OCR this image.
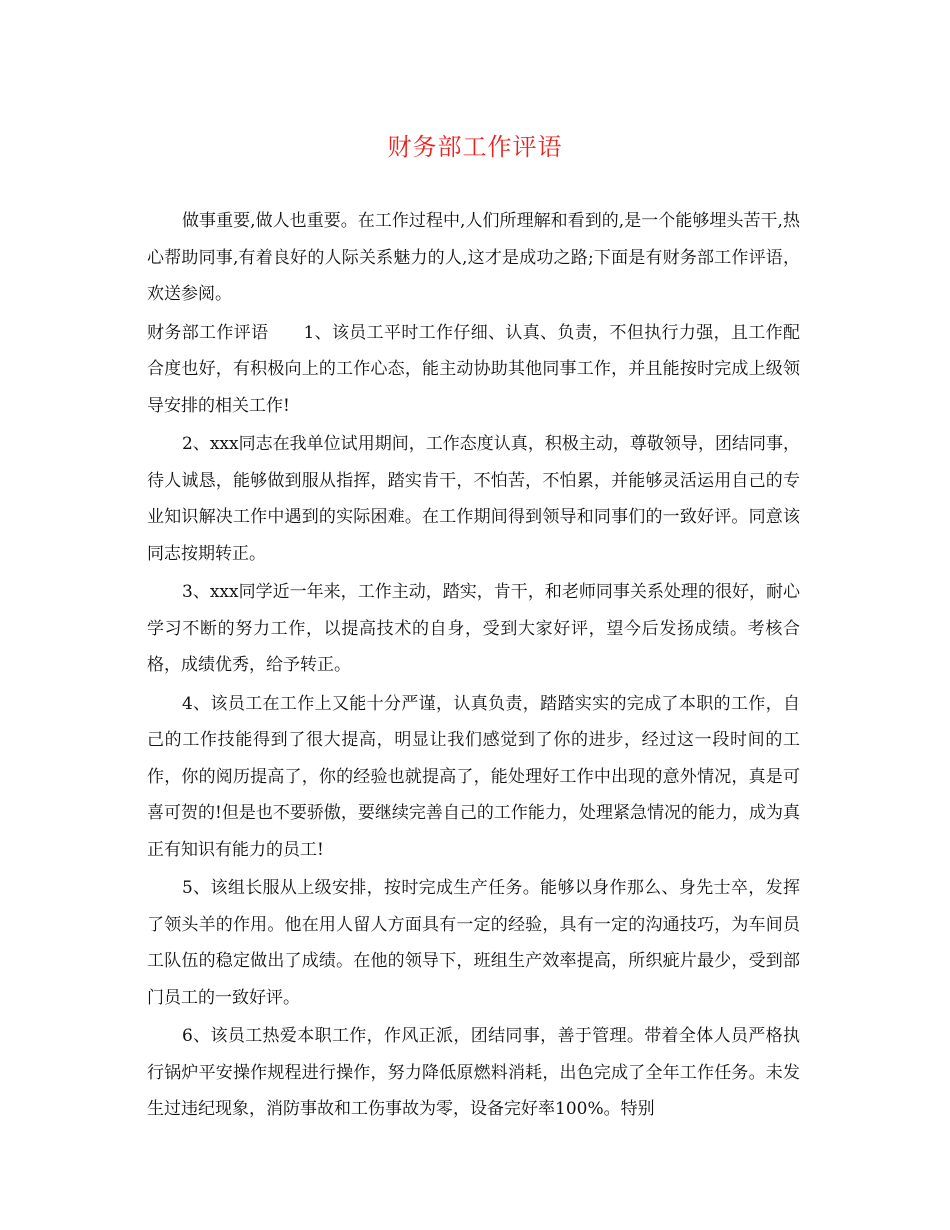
财务部工作评语

做事重要,做人也重要。在工作过程中,人们所理解和看到的,是一个能够埋头苦干,热心帮助同事,有着良好的人际关系魅力的人,这才是成功之路;下面是有财务部工作评语，欢送参阅。

财务部工作评语 1、该员工平时工作仔细、认真、负责，不但执行力强，且工作配合度也好，有积极向上的工作心态，能主动协助其他同事工作，并且能按时完成上级领导安排的相关工作!

2、xxx同志在我单位试用期间，工作态度认真，积极主动，尊敬领导，团结同事，待人诚恳，能够做到服从指挥，踏实肯干，不怕苦，不怕累，并能够灵活运用自己的专业知识解决工作中遇到的实际困难。在工作期间得到领导和同事们的一致好评。同意该同志按期转正。

3、xxx同学近一年来，工作主动，踏实，肯干，和老师同事关系处理的很好，耐心学习不断的努力工作，以提高技术的自身，受到大家好评，望今后发扬成绩。考核合格，成绩优秀，给予转正。

4、该员工在工作上又能十分严谨，认真负责，踏踏实实的完成了本职的工作，自己的工作技能得到了很大提高，明显让我们感觉到了你的进步，经过这一段时间的工作，你的阅历提高了，你的经验也就提高了，能处理好工作中出现的意外情况，真是可喜可贺的!但是也不要骄傲，要继续完善自己的工作能力，处理紧急情况的能力，成为真正有知识有能力的员工!

5、该组长服从上级安排，按时完成生产任务。能够以身作那么、身先士卒，发挥了领头羊的作用。他在用人留人方面具有一定的经验，具有一定的沟通技巧，为车间员工队伍的稳定做出了成绩。在他的领导下，班组生产效率提高，所织疵片最少，受到部门员工的一致好评。

6、该员工热爱本职工作，作风正派，团结同事，善于管理。带着全体人员严格执行锅炉平安操作规程进行操作，努力降低原燃料消耗，出色完成了全年工作任务。未发生过违纪现象，消防事故和工伤事故为零，设备完好率100%。特别
